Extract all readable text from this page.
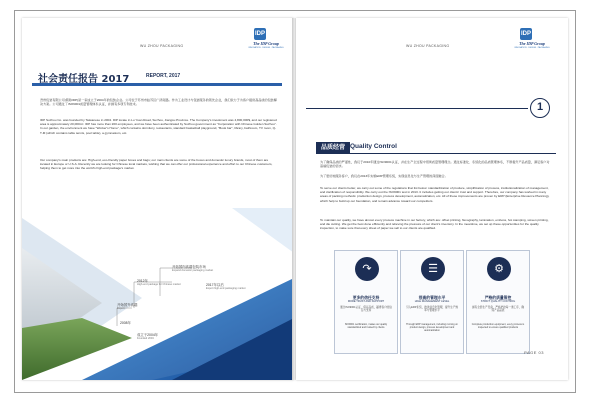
WU ZHOU PACKAGING
IDP
The IDP Group
INNOVATION · DESIGN · PACKAGING
社会责任报告 2017	REPORT, 2017

吾州包装有限公司(简称IDP)是一家成立于2004年的包装企业。公司位于苏州市姑苏区广济南路。作为工业设计与包装服务的领先企业，我们致力于为客户提供高品质的包装解决方案。公司通过了ISO9001质量管理体系认证，并拥有多项专利技术。

IDP Suzhou Co. was founded by Taiwanese in 2004. IDP locate in Lu Yuan Road, Suzhou, Jiangsu Province. The Company's investment was 4,800,000$, and our registered area is approximately 20,000m². IDP has more than 200 employees, and we have been authenticated by Suzhou government as "Corporation with Chinese Golden Suzhou". In our garden, the environment we have "Worker's Home", which contains dormitory, restaurants, standard basketball playground, "Book bar", library, bathroom, TV room, Q-T-M (which contains table tennis, pool table), a gymnasium, etc.

Our company's main products are: High-end, eco-friendly paper boxes and bags; our main clients are some of the boxes and domestic luxury brands, most of them are located in Europe or U.S.A. Recently we are looking for Chinese local markets, wishing that we can offer our professional experience and effort to our Chinese customers, helping them to get more into the world's high-end package's market.

2017年以后
Export high-end packaging market
开拓国内高端包装市场
Expand domestic packaging market
2012年
High-end package for Chinese market
开始国外高端
Export
2008年
成立于2004年
Founded 2004
WU ZHOU PACKAGING
IDP
The IDP Group
INNOVATION · DESIGN · PACKAGING
1
品质经营 Quality Control

为了确保品质的严谨性，我们于2010年通过ISO9001认证，并在生产全过程中贯彻质量管理理念。通过标准化、系统化的品质管理体系，不断提升产品质量，满足客户对高端包装的需求。

为了更好地服务客户，我们在2013年实施ERP管理系统，实现信息化与生产管理的深度融合。

To serve our clients better, we carry out some of the regulations that list below: standardization of produce, simplification of process, institutionalization of management, and clarification of responsibility. We carry out the ISO9001 test in 2013. It includes getting our clients' trust and support. Therefore, our company has worked in many areas of packing methods: production design, process development, automatization, etc. All of these improvements are proven by ERP (Enterprise Resource Planning), which help to build up our foundation, and remain advance toward our competitors.

To maintain our quality, we have almost every process machine in our factory, which are: offset printing, flexography, lamination, emboss, hot stamping, screen printing, and die cutting. We get the best done efficiently and relieving the pressure of our client's inventory. In the meantime, we set up these opportunities for the quality inspection, to make sure that every sheet of paper we sell to our clients are qualified.

↷
更多的信任支持
MORE TRUST AND SUPPORT
通过ISO9001认证，保证品质，赢得客户的信任与支持
ISO9001 certification, makes our quality standardized and trusted by clients
☰
很高的管理水平
HIGH MANAGEMENT LEVEL
引入ERP系统，推进信息化管理，提升生产效率与管理水平
Through ERP management, including running on product design, process development and automatization
⚙
严格的质量管控
STRICT QUALITY CONTROL
拥有全套生产设备，严格把控每一道工序，确保产品品质
Complete production equipment, every process is inspected to ensure qualified products
PAGE 03
